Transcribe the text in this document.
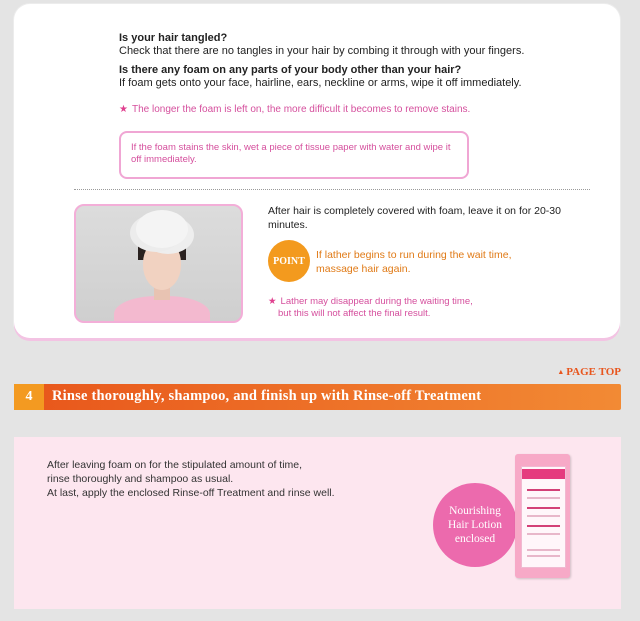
Is your hair tangled?
Check that there are no tangles in your hair by combing it through with your fingers.
Is there any foam on any parts of your body other than your hair?
If foam gets onto your face, hairline, ears, neckline or arms, wipe it off immediately.
★ The longer the foam is left on, the more difficult it becomes to remove stains.
If the foam stains the skin, wet a piece of tissue paper with water and wipe it off immediately.
After hair is completely covered with foam, leave it on for 20-30 minutes.
POINT	If lather begins to run during the wait time, massage hair again.
★ Lather may disappear during the waiting time,
but this will not affect the final result.
▲ PAGE TOP
4	Rinse thoroughly, shampoo, and finish up with Rinse-off Treatment
After leaving foam on for the stipulated amount of time,
rinse thoroughly and shampoo as usual.
At last, apply the enclosed Rinse-off Treatment and rinse well.
Nourishing
Hair Lotion
enclosed
